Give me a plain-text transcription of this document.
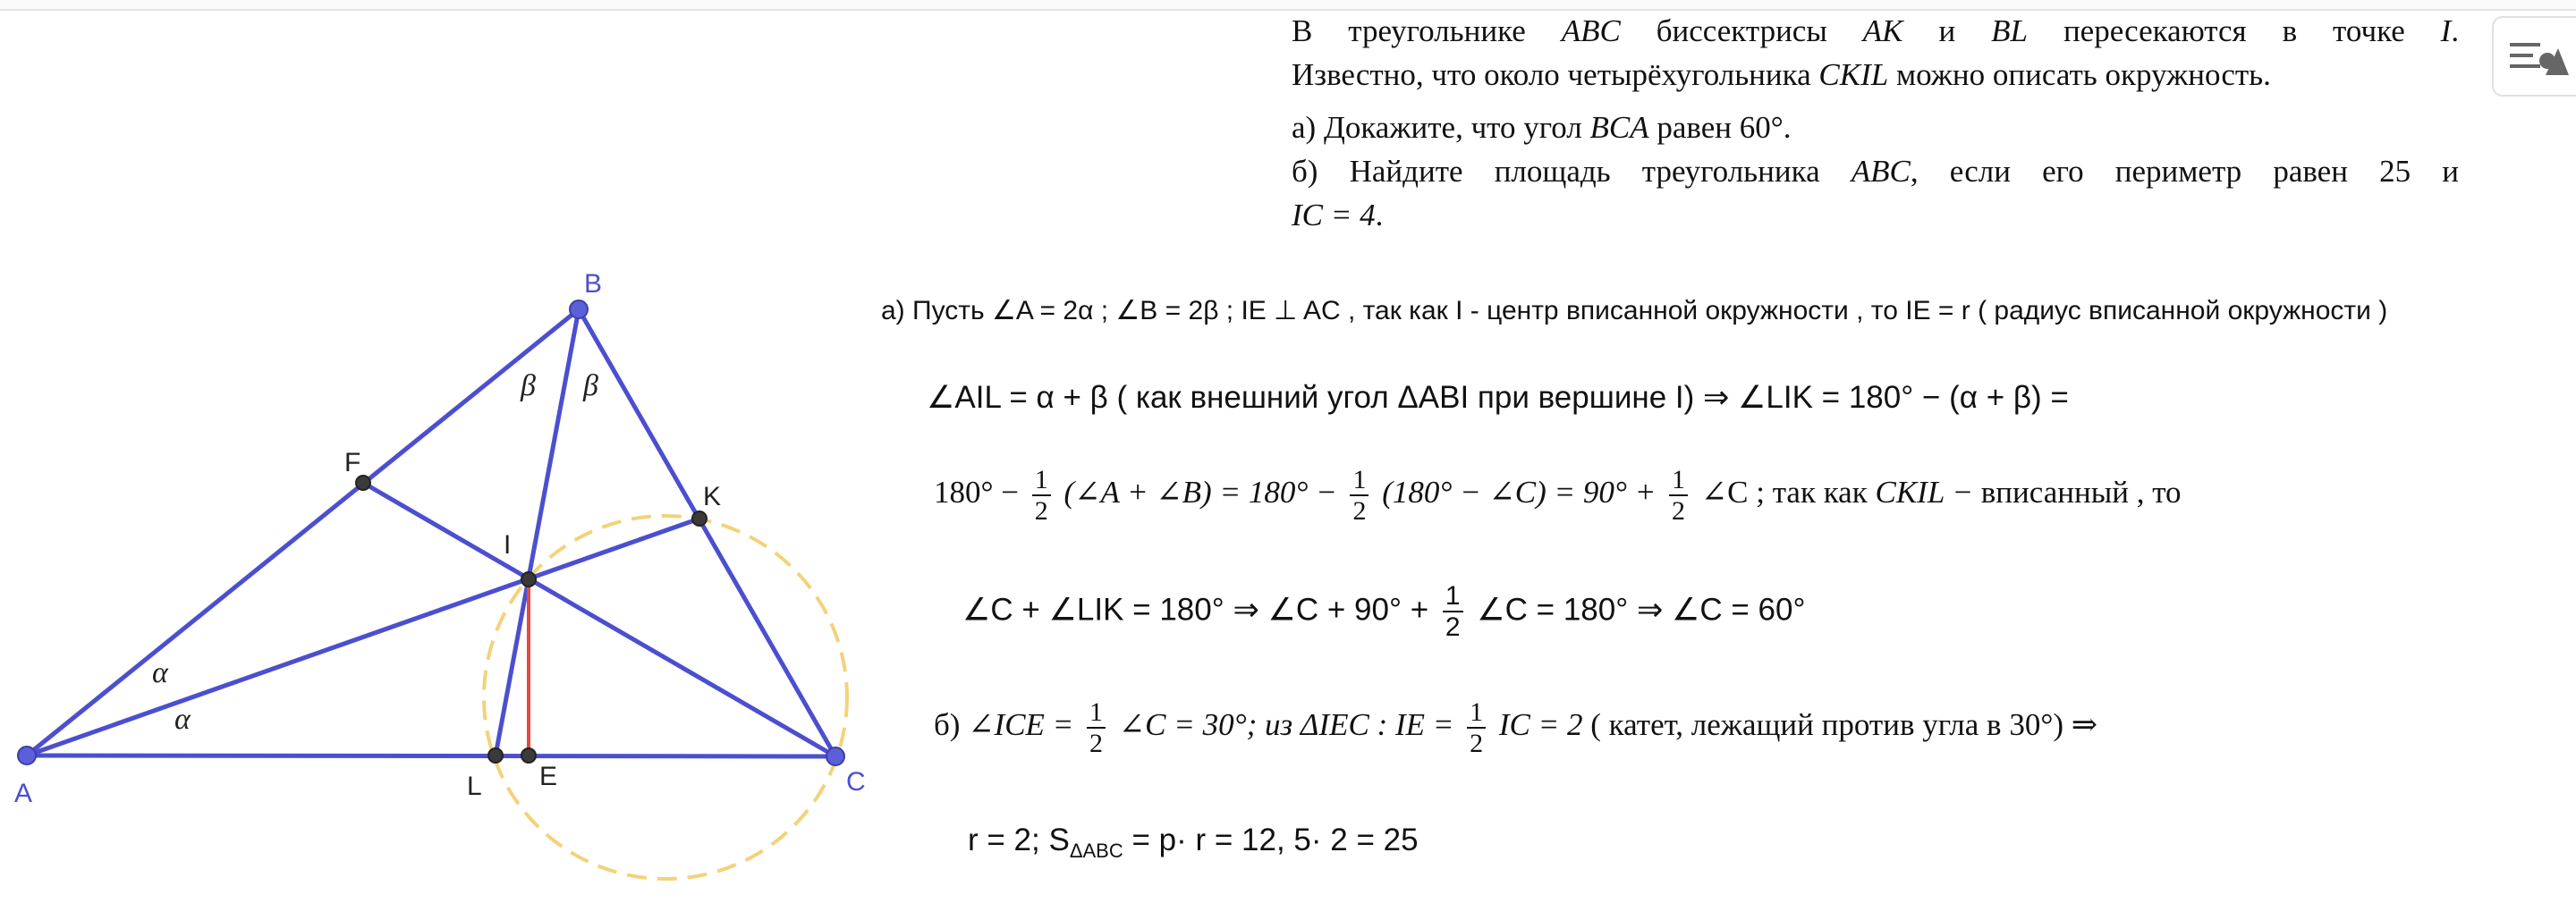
В треугольнике ABC биссектрисы AK и BL пересекаются в точке I.

Известно, что около четырёхугольника CKIL можно описать окружность.

а) Докажите, что угол BCA равен 60°.

б) Найдите площадь треугольника ABC, если его периметр равен 25 и

IC = 4.

а) Пусть ∠A = 2α ; ∠B = 2β ; IE ⊥ AC , так как I - центр вписанной окружности , то IE = r ( радиус вписанной окружности )
∠AIL = α + β ( как внешний угол ΔABI при вершине I) ⇒ ∠LIK = 180° − (α + β) =
$180^\circ - \frac{1}{2}$ (∠A + ∠B) = $180^\circ - \frac{1}{2} (180^\circ$ − ∠C) = $90^\circ + \frac{1}{2}$ ∠C ; так как CKIL − вписанный , то
∠C + ∠LIK = 180° ⇒ ∠C + $90^\circ + \frac{1}{2}$ ∠C = 180° ⇒ ∠C = 60°
б) ∠ICE = $\frac{1}{2}$ ∠C = 30°; из ΔIEC : IE = $\frac{1}{2}$ IC = 2 ( катет, лежащий против угла в 30°) ⇒
r = 2; $S_{\Delta ABC} = p\cdot r = 12$, 5· 2 = 25
A
B
C
F
K
I
L E
α
α
β β
